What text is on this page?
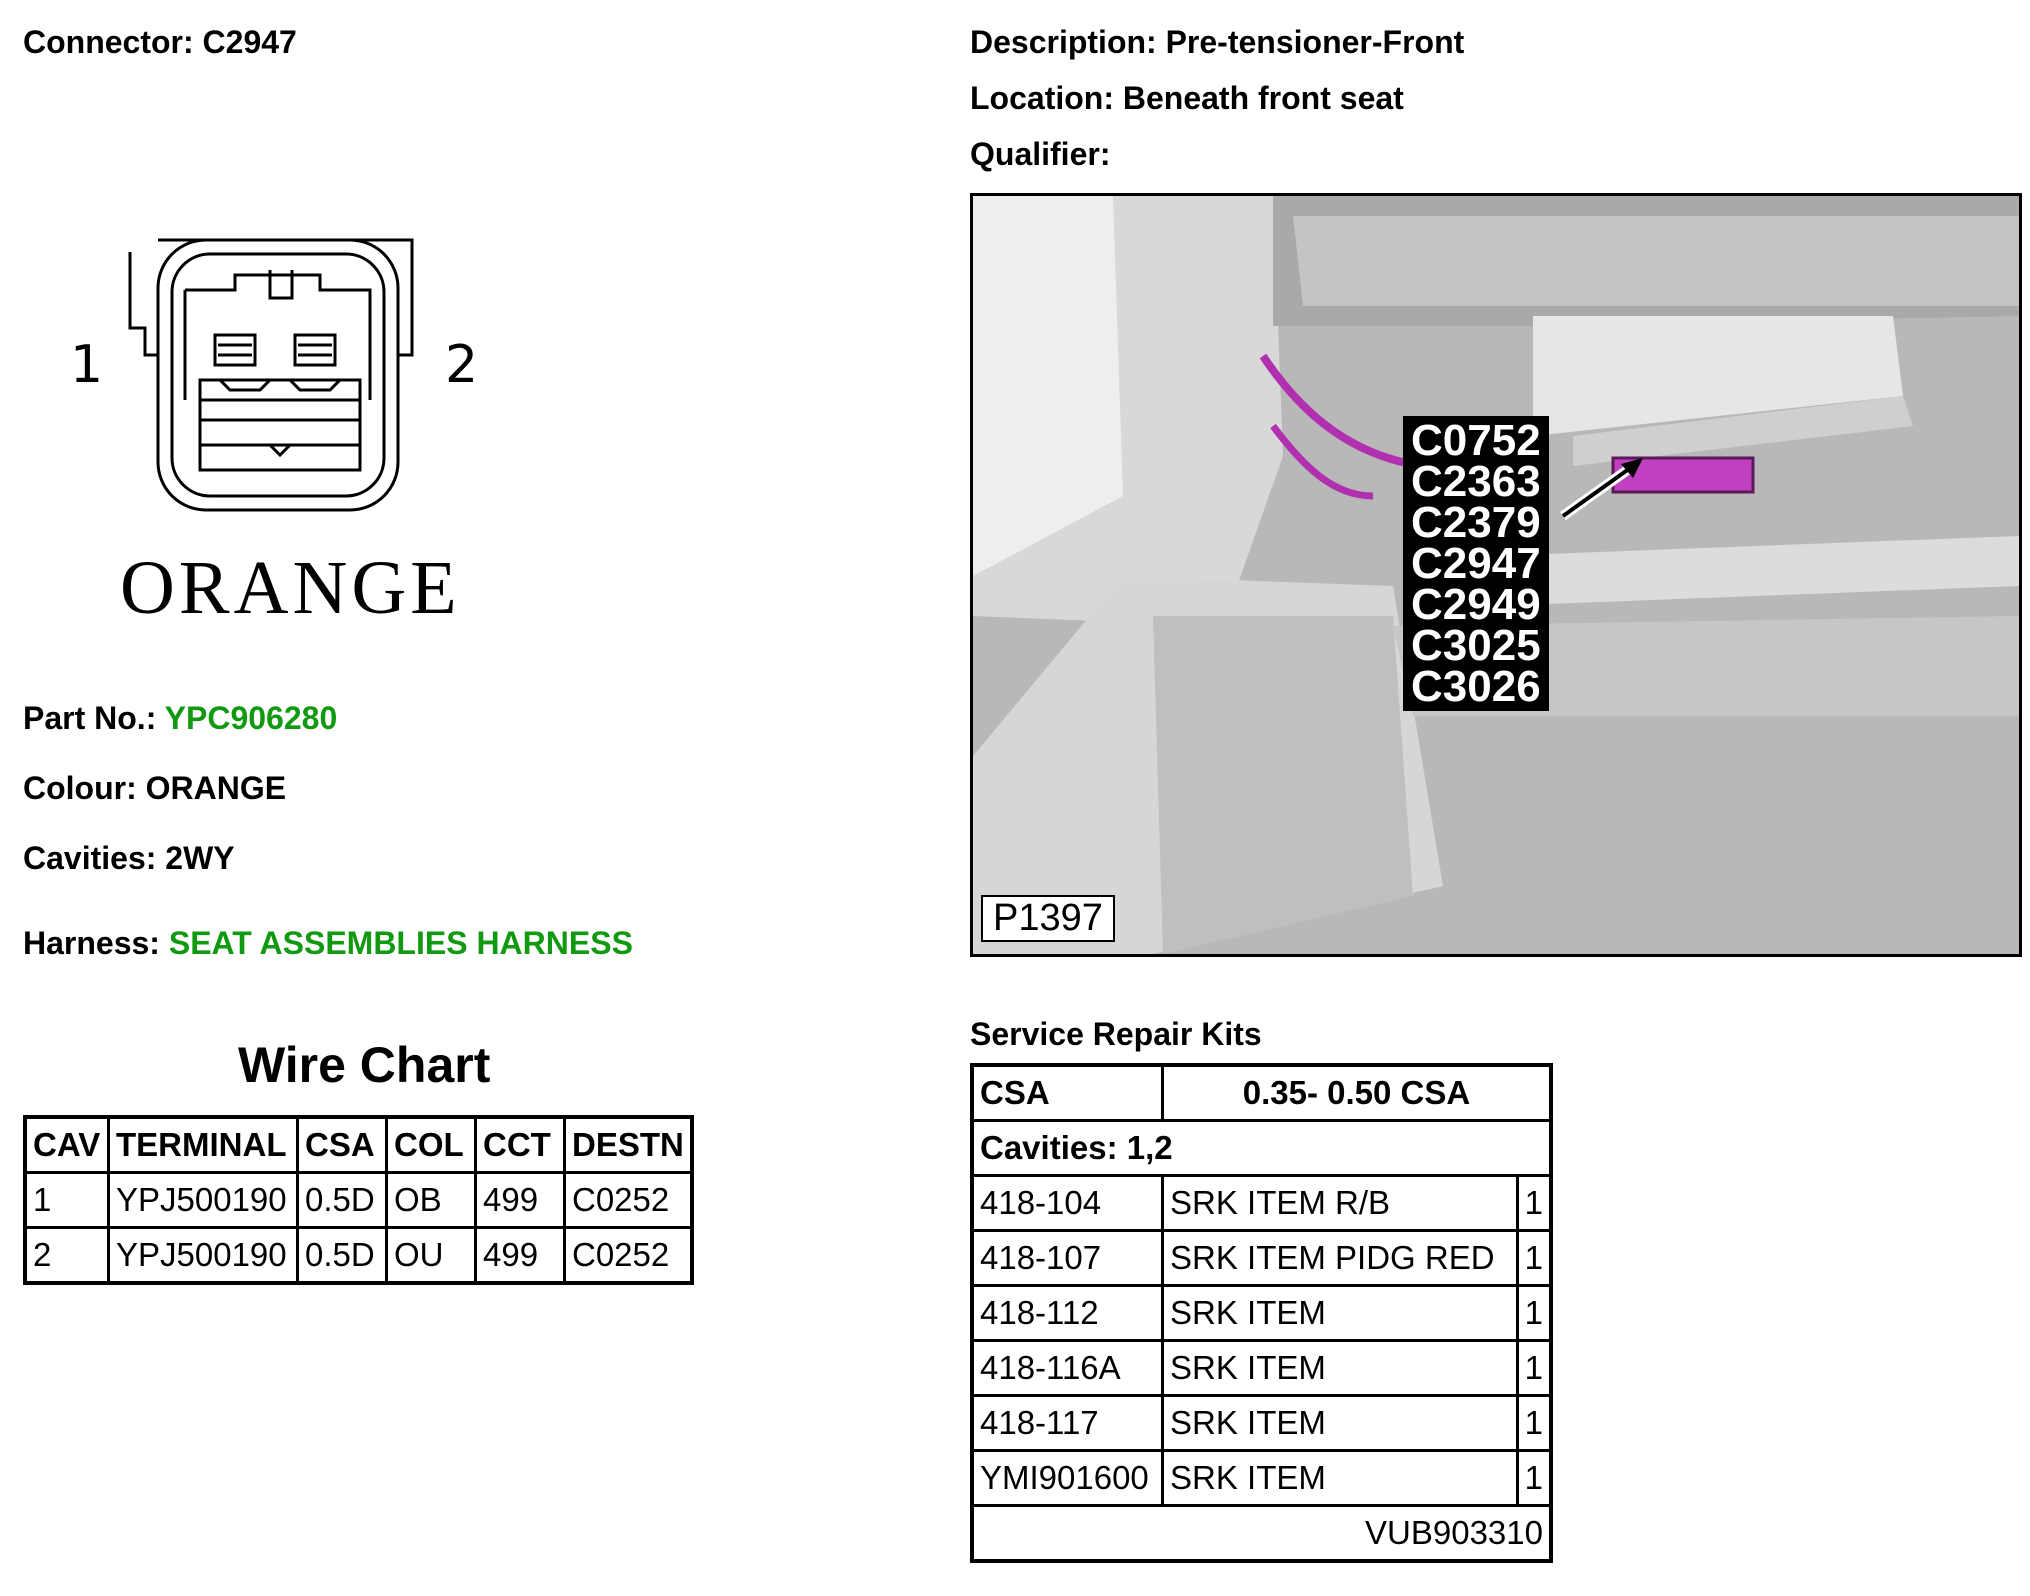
Connector: C2947	Description: Pre-tensioner-Front
Location: Beneath front seat
Qualifier:
1	2
ORANGE
Part No.: YPC906280
Colour: ORANGE
Cavities: 2WY
Harness: SEAT ASSEMBLIES HARNESS
Wire Chart
CAV	TERMINAL	CSA	COL	CCT	DESTN
1	YPJ500190	0.5D	OB	499	C0252
2	YPJ500190	0.5D	OU	499	C0252
C0752
C2363
C2379
C2947
C2949
C3025
C3026
P1397
Service Repair Kits
CSA	0.35- 0.50 CSA	
Cavities: 1,2		
418-104	SRK ITEM R/B	1
418-107	SRK ITEM PIDG RED	1
418-112	SRK ITEM	1
418-116A	SRK ITEM	1
418-117	SRK ITEM	1
YMI901600	SRK ITEM	1
VUB903310		
